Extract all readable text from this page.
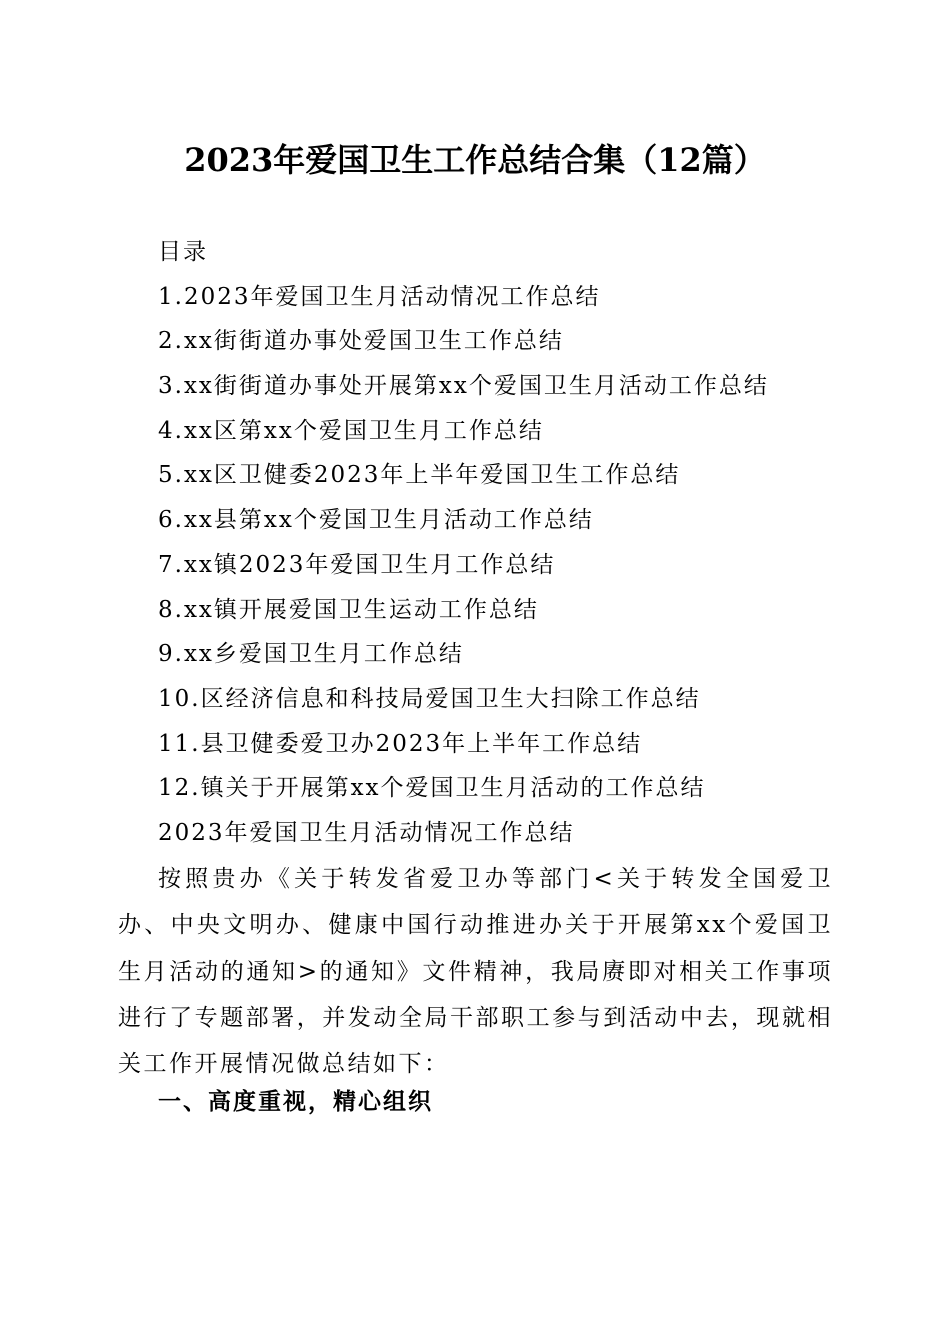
2023年爱国卫生工作总结合集（12篇）
目录
1.2023年爱国卫生月活动情况工作总结
2.xx街街道办事处爱国卫生工作总结
3.xx街街道办事处开展第xx个爱国卫生月活动工作总结
4.xx区第xx个爱国卫生月工作总结
5.xx区卫健委2023年上半年爱国卫生工作总结
6.xx县第xx个爱国卫生月活动工作总结
7.xx镇2023年爱国卫生月工作总结
8.xx镇开展爱国卫生运动工作总结
9.xx乡爱国卫生月工作总结
10.区经济信息和科技局爱国卫生大扫除工作总结
11.县卫健委爱卫办2023年上半年工作总结
12.镇关于开展第xx个爱国卫生月活动的工作总结
2023年爱国卫生月活动情况工作总结

按照贵办《关于转发省爱卫办等部门<关于转发全国爱卫办、中央文明办、健康中国行动推进办关于开展第xx个爱国卫生月活动的通知>的通知》文件精神，我局赓即对相关工作事项进行了专题部署，并发动全局干部职工参与到活动中去，现就相关工作开展情况做总结如下：

一、高度重视，精心组织
